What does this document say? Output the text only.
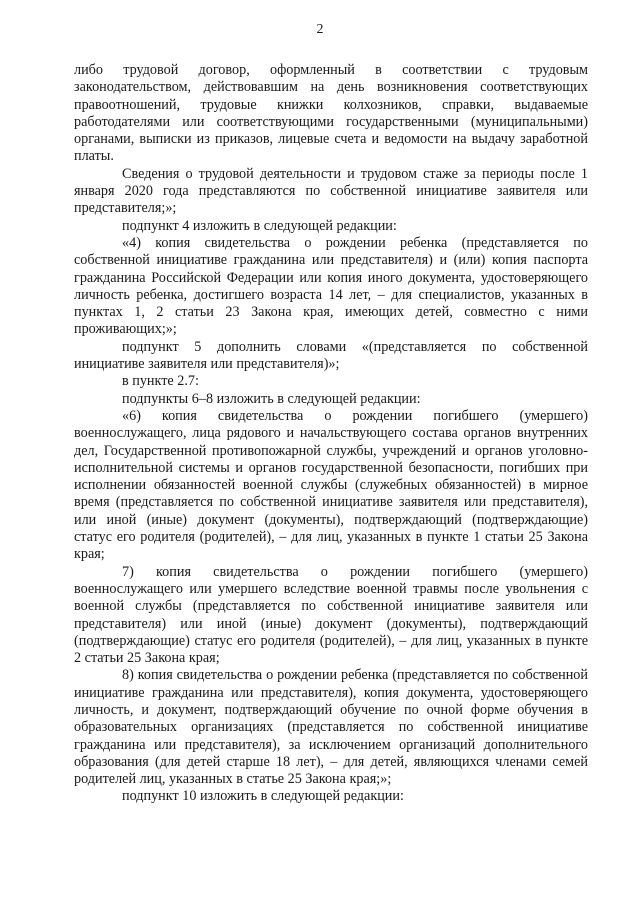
2

либо трудовой договор, оформленный в соответствии с трудовым законодательством, действовавшим на день возникновения соответствующих правоотношений, трудовые книжки колхозников, справки, выдаваемые работодателями или соответствующими государственными (муниципальными) органами, выписки из приказов, лицевые счета и ведомости на выдачу заработной платы.

Сведения о трудовой деятельности и трудовом стаже за периоды после 1 января 2020 года представляются по собственной инициативе заявителя или представителя;»;

подпункт 4 изложить в следующей редакции:

«4) копия свидетельства о рождении ребенка (представляется по собственной инициативе гражданина или представителя) и (или) копия паспорта гражданина Российской Федерации или копия иного документа, удостоверяющего личность ребенка, достигшего возраста 14 лет, – для специалистов, указанных в пунктах 1, 2 статьи 23 Закона края, имеющих детей, совместно с ними проживающих;»;

подпункт 5 дополнить словами «(представляется по собственной инициативе заявителя или представителя)»;

в пункте 2.7:

подпункты 6–8 изложить в следующей редакции:

«6) копия свидетельства о рождении погибшего (умершего) военнослужащего, лица рядового и начальствующего состава органов внутренних дел, Государственной противопожарной службы, учреждений и органов уголовно-исполнительной системы и органов государственной безопасности, погибших при исполнении обязанностей военной службы (служебных обязанностей) в мирное время (представляется по собственной инициативе заявителя или представителя), или иной (иные) документ (документы), подтверждающий (подтверждающие) статус его родителя (родителей), – для лиц, указанных в пункте 1 статьи 25 Закона края;

7) копия свидетельства о рождении погибшего (умершего) военнослужащего или умершего вследствие военной травмы после увольнения с военной службы (представляется по собственной инициативе заявителя или представителя) или иной (иные) документ (документы), подтверждающий (подтверждающие) статус его родителя (родителей), – для лиц, указанных в пункте 2 статьи 25 Закона края;

8) копия свидетельства о рождении ребенка (представляется по собственной инициативе гражданина или представителя), копия документа, удостоверяющего личность, и документ, подтверждающий обучение по очной форме обучения в образовательных организациях (представляется по собственной инициативе гражданина или представителя), за исключением организаций дополнительного образования (для детей старше 18 лет), – для детей, являющихся членами семей родителей лиц, указанных в статье 25 Закона края;»;

подпункт 10 изложить в следующей редакции:
